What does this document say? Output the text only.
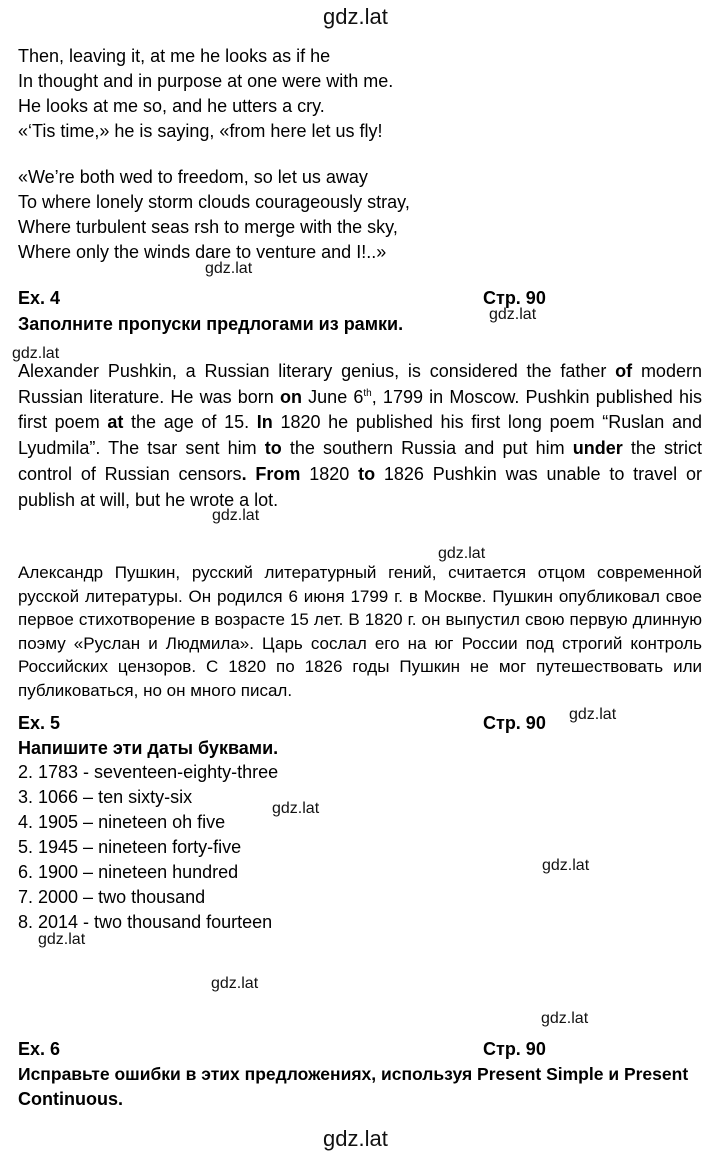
gdz.lat
Then, leaving it, at me he looks as if he
In thought and in purpose at one were with me.
He looks at me so, and he utters a cry.
«‘Tis time,» he is saying, «from here let us fly!
«We’re both wed to freedom, so let us away
To where lonely storm clouds courageously stray,
Where turbulent seas rsh to merge with the sky,
Where only the winds dare to venture and I!..»
gdz.lat
Ex. 4	Стр. 90
gdz.lat
Заполните пропуски предлогами из рамки.
gdz.lat
Alexander Pushkin, a Russian literary genius, is considered the father of modern Russian literature. He was born on June 6th, 1799 in Moscow. Pushkin published his first poem at the age of 15. In 1820 he published his first long poem “Ruslan and Lyudmila”. The tsar sent him to the southern Russia and put him under the strict control of Russian censors. From 1820 to 1826 Pushkin was unable to travel or publish at will, but he wrote a lot.
gdz.lat
gdz.lat
Александр Пушкин, русский литературный гений, считается отцом современной русской литературы. Он родился 6 июня 1799 г. в Москве. Пушкин опубликовал свое первое стихотворение в возрасте 15 лет. В 1820 г. он выпустил свою первую длинную поэму «Руслан и Людмила». Царь сослал его на юг России под строгий контроль Российских цензоров. С 1820 по 1826 годы Пушкин не мог путешествовать или публиковаться, но он много писал.
Ex. 5	Стр. 90 gdz.lat
Напишите эти даты буквами.
2. 1783 - seventeen-eighty-three
3. 1066 – ten sixty-six
4. 1905 – nineteen oh five
5. 1945 – nineteen forty-five
6. 1900 – nineteen hundred
7. 2000 – two thousand
8. 2014 - two thousand fourteen
gdz.lat
gdz.lat
gdz.lat
gdz.lat
gdz.lat
Ex. 6	Стр. 90
Исправьте ошибки в этих предложениях, используя Present Simple и Present
Continuous.
gdz.lat
